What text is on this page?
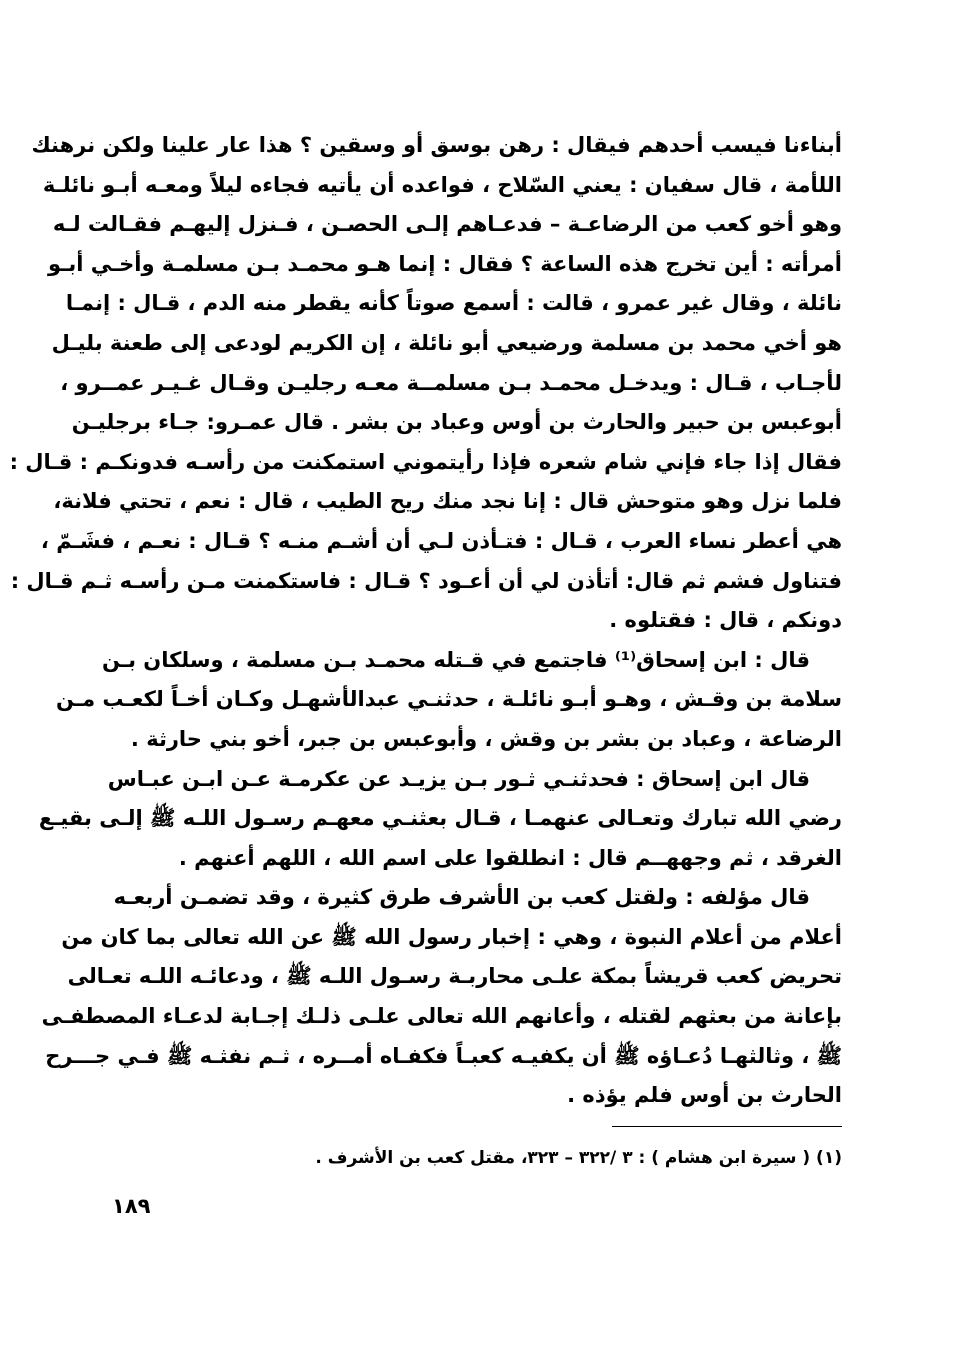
أبناءنا فيسب أحدهم فيقال : رهن بوسق أو وسقين ؟ هذا عار علينا ولكن نرهنك
اللأمة ، قال سفيان : يعني السّلاح ، فواعده أن يأتيه فجاءه ليلاً ومعـه أبـو نائلـة
وهو أخو كعب من الرضاعـة – فدعـاهم إلـى الحصـن ، فـنزل إليهـم فقـالت لـه
أمرأته : أين تخرج هذه الساعة ؟ فقال : إنما هـو محمـد بـن مسلمـة وأخـي أبـو
نائلة ، وقال غير عمرو ، قالت : أسمع صوتاً كأنه يقطر منه الدم ، قـال : إنمـا
هو أخي محمد بن مسلمة ورضيعي أبو نائلة ، إن الكريم لودعى إلى طعنة بليـل
لأجـاب ، قـال : ويدخـل محمـد بـن مسلمــة معـه رجليـن وقـال غـيـر عمــرو ،
أبوعبس بن حبير والحارث بن أوس وعباد بن بشر . قال عمـرو: جـاء برجليـن
فقال إذا جاء فإني شام شعره فإذا رأيتموني استمكنت من رأسـه فدونكـم : قـال :
فلما نزل وهو متوحش قال : إنا نجد منك ريح الطيب ، قال : نعم ، تحتي فلانة،
هي أعطر نساء العرب ، قـال : فتـأذن لـي أن أشـم منـه ؟ قـال : نعـم ، فشَـمّ ،
فتناول فشم ثم قال: أتأذن لي أن أعـود ؟ قـال : فاستكمنت مـن رأسـه ثـم قـال :
دونكم ، قال : فقتلوه .
قال : ابن إسحاق⁽¹⁾ فاجتمع في قـتله محمـد بـن مسلمة ، وسلكان بـن
سلامة بن وقـش ، وهـو أبـو نائلـة ، حدثنـي عبدالأشهـل وكـان أخـاً لكعـب مـن
الرضاعة ، وعباد بن بشر بن وقش ، وأبوعبس بن جبر، أخو بني حارثة .
قال ابن إسحاق : فحدثنـي ثـور بـن يزيـد عن عكرمـة عـن ابـن عبـاس
رضي الله تبارك وتعـالى عنهمـا ، قـال بعثنـي معهـم رسـول اللـه ﷺ إلـى بقيـع
الغرقد ، ثم وجههــم قال : انطلقوا على اسم الله ، اللهم أعنهم .
قال مؤلفه : ولقتل كعب بن الأشرف طرق كثيرة ، وقد تضمـن أربعـه
أعلام من أعلام النبوة ، وهي : إخبار رسول الله ﷺ عن الله تعالى بما كان من
تحريض كعب قريشاً بمكة علـى محاربـة رسـول اللـه ﷺ ، ودعائـه اللـه تعـالى
بإعانة من بعثهم لقتله ، وأعانهم الله تعالى علـى ذلـك إجـابة لدعـاء المصطفـى
ﷺ ، وثالثهـا دُعـاؤه ﷺ أن يكفيـه كعبـاً فكفـاه أمــره ، ثـم نفثـه ﷺ فـي جـــرح
الحارث بن أوس فلم يؤذه .
(١) ( سيرة ابن هشام ) : ٣ /٣٢٢ – ٣٢٣، مقتل كعب بن الأشرف .
١٨٩
